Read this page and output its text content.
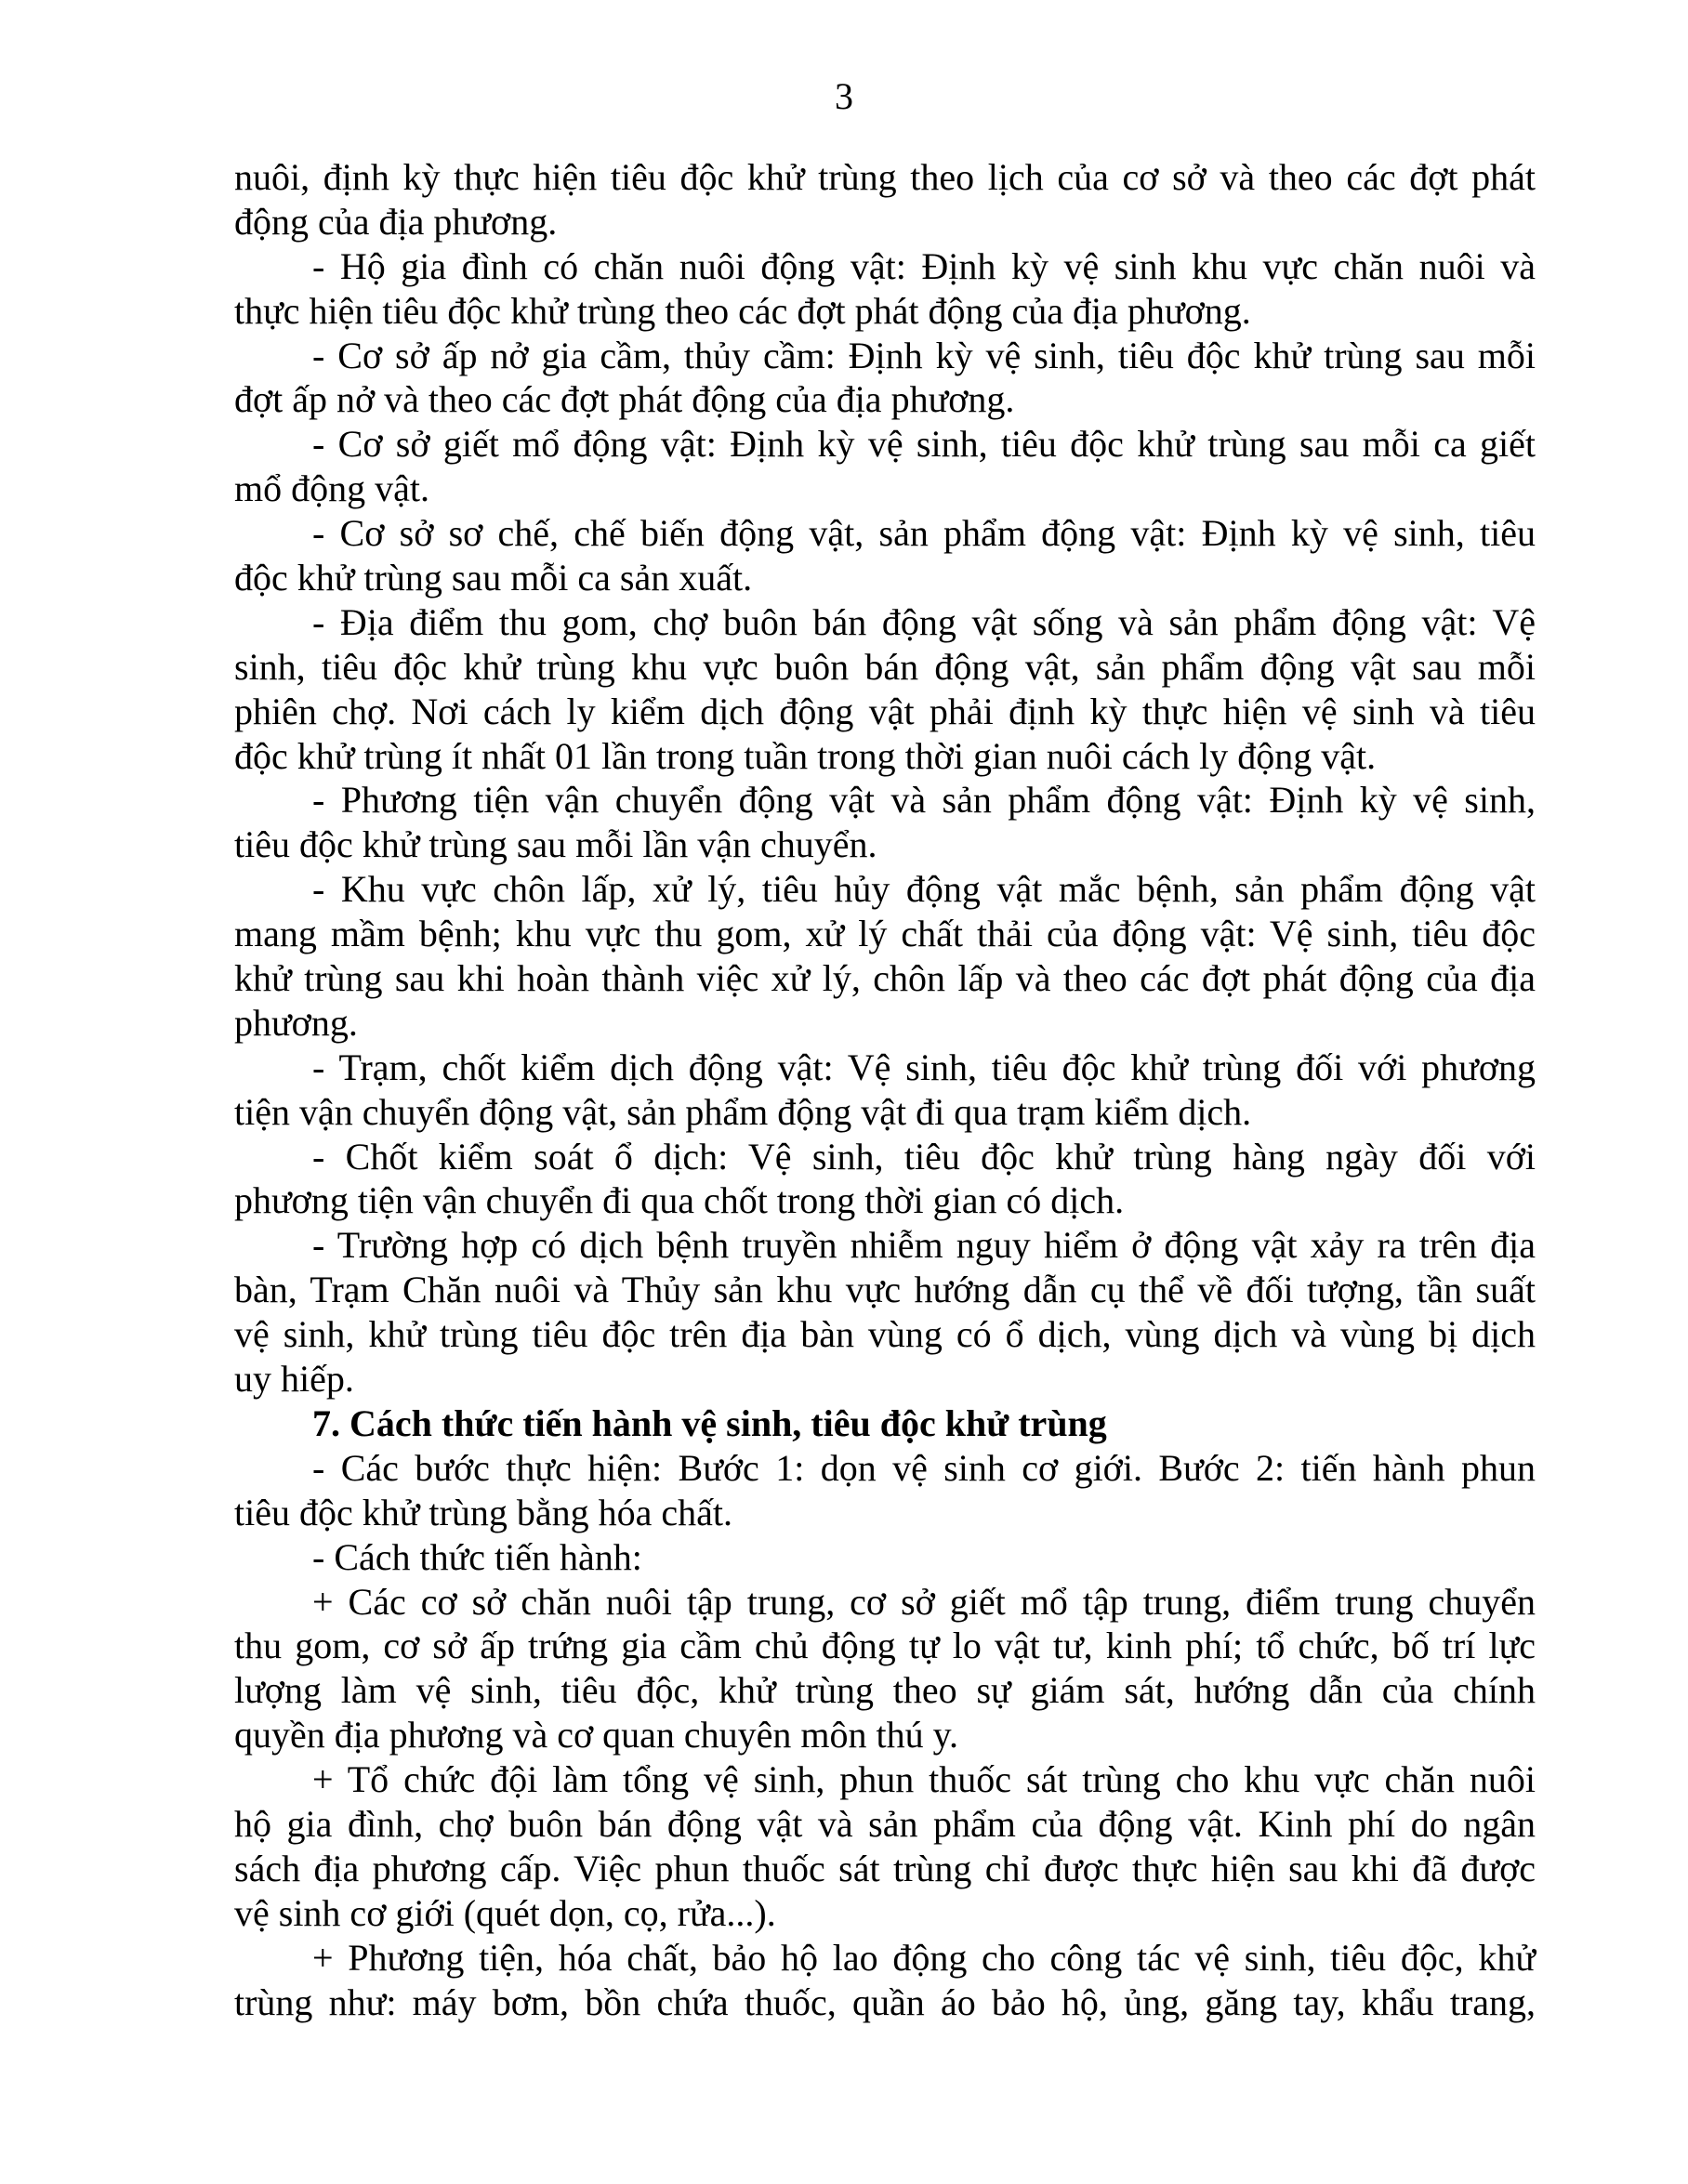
3
nuôi, định kỳ thực hiện tiêu độc khử trùng theo lịch của cơ sở và theo các đợt phát
động của địa phương.
- Hộ gia đình có chăn nuôi động vật: Định kỳ vệ sinh khu vực chăn nuôi và
thực hiện tiêu độc khử trùng theo các đợt phát động của địa phương.
- Cơ sở ấp nở gia cầm, thủy cầm: Định kỳ vệ sinh, tiêu độc khử trùng sau mỗi
đợt ấp nở và theo các đợt phát động của địa phương.
- Cơ sở giết mổ động vật: Định kỳ vệ sinh, tiêu độc khử trùng sau mỗi ca giết
mổ động vật.
- Cơ sở sơ chế, chế biến động vật, sản phẩm động vật: Định kỳ vệ sinh, tiêu
độc khử trùng sau mỗi ca sản xuất.
- Địa điểm thu gom, chợ buôn bán động vật sống và sản phẩm động vật: Vệ
sinh, tiêu độc khử trùng khu vực buôn bán động vật, sản phẩm động vật sau mỗi
phiên chợ. Nơi cách ly kiểm dịch động vật phải định kỳ thực hiện vệ sinh và tiêu
độc khử trùng ít nhất 01 lần trong tuần trong thời gian nuôi cách ly động vật.
- Phương tiện vận chuyển động vật và sản phẩm động vật: Định kỳ vệ sinh,
tiêu độc khử trùng sau mỗi lần vận chuyển.
- Khu vực chôn lấp, xử lý, tiêu hủy động vật mắc bệnh, sản phẩm động vật
mang mầm bệnh; khu vực thu gom, xử lý chất thải của động vật: Vệ sinh, tiêu độc
khử trùng sau khi hoàn thành việc xử lý, chôn lấp và theo các đợt phát động của địa
phương.
- Trạm, chốt kiểm dịch động vật: Vệ sinh, tiêu độc khử trùng đối với phương
tiện vận chuyển động vật, sản phẩm động vật đi qua trạm kiểm dịch.
- Chốt kiểm soát ổ dịch: Vệ sinh, tiêu độc khử trùng hàng ngày đối với
phương tiện vận chuyển đi qua chốt trong thời gian có dịch.
- Trường hợp có dịch bệnh truyền nhiễm nguy hiểm ở động vật xảy ra trên địa
bàn, Trạm Chăn nuôi và Thủy sản khu vực hướng dẫn cụ thể về đối tượng, tần suất
vệ sinh, khử trùng tiêu độc trên địa bàn vùng có ổ dịch, vùng dịch và vùng bị dịch
uy hiếp.
7. Cách thức tiến hành vệ sinh, tiêu độc khử trùng
- Các bước thực hiện: Bước 1: dọn vệ sinh cơ giới. Bước 2: tiến hành phun
tiêu độc khử trùng bằng hóa chất.
- Cách thức tiến hành:
+ Các cơ sở chăn nuôi tập trung, cơ sở giết mổ tập trung, điểm trung chuyển
thu gom, cơ sở ấp trứng gia cầm chủ động tự lo vật tư, kinh phí; tổ chức, bố trí lực
lượng làm vệ sinh, tiêu độc, khử trùng theo sự giám sát, hướng dẫn của chính
quyền địa phương và cơ quan chuyên môn thú y.
+ Tổ chức đội làm tổng vệ sinh, phun thuốc sát trùng cho khu vực chăn nuôi
hộ gia đình, chợ buôn bán động vật và sản phẩm của động vật. Kinh phí do ngân
sách địa phương cấp. Việc phun thuốc sát trùng chỉ được thực hiện sau khi đã được
vệ sinh cơ giới (quét dọn, cọ, rửa...).
+ Phương tiện, hóa chất, bảo hộ lao động cho công tác vệ sinh, tiêu độc, khử
trùng như: máy bơm, bồn chứa thuốc, quần áo bảo hộ, ủng, găng tay, khẩu trang,
